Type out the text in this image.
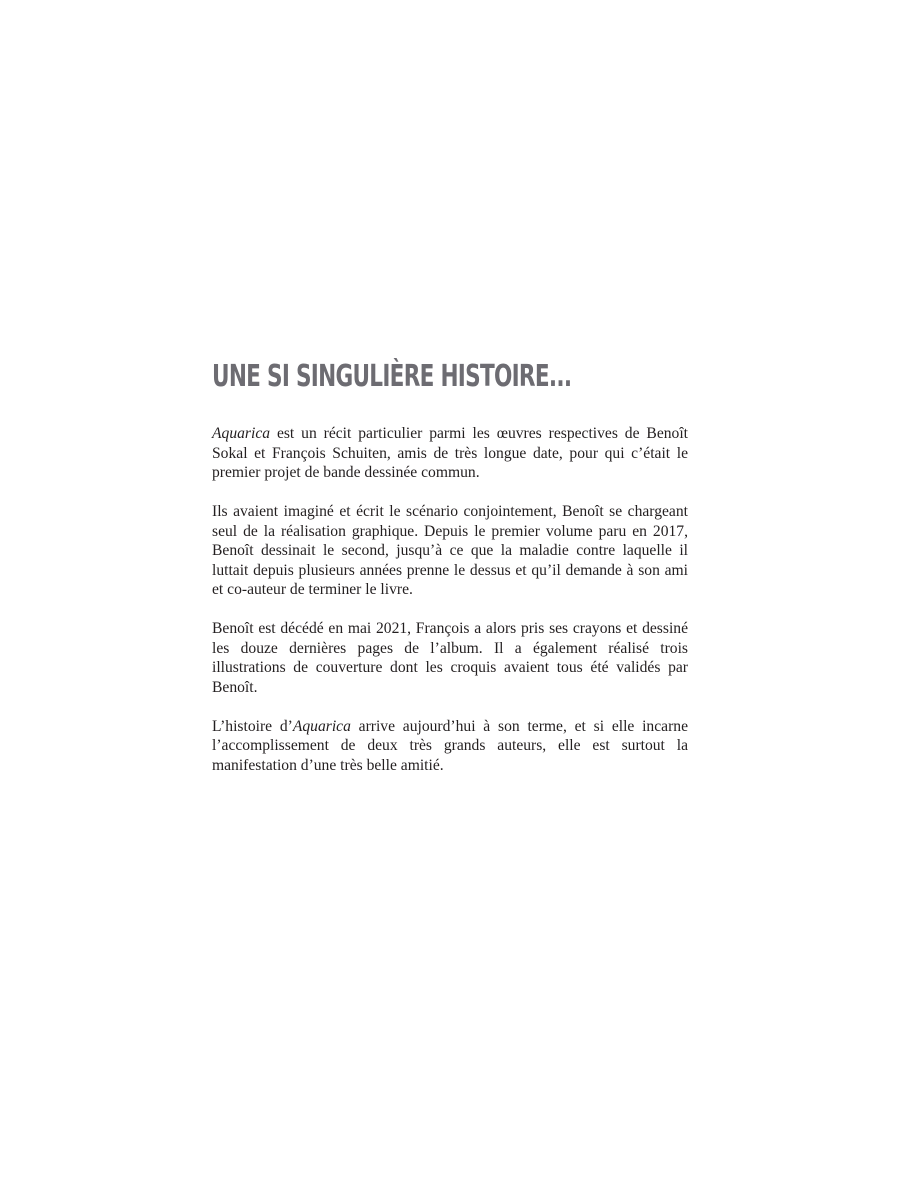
UNE SI SINGULIÈRE HISTOIRE...

Aquarica est un récit particulier parmi les œuvres respectives de Benoît Sokal et François Schuiten, amis de très longue date, pour qui c’était le premier projet de bande dessinée commun.

Ils avaient imaginé et écrit le scénario conjointement, Benoît se chargeant seul de la réalisation graphique. Depuis le premier volume paru en 2017, Benoît dessinait le second, jusqu’à ce que la maladie contre laquelle il luttait depuis plusieurs années prenne le dessus et qu’il demande à son ami et co-auteur de terminer le livre.

Benoît est décédé en mai 2021, François a alors pris ses crayons et dessiné les douze dernières pages de l’album. Il a également réalisé trois illustrations de couverture dont les croquis avaient tous été validés par Benoît.

L’histoire d’Aquarica arrive aujourd’hui à son terme, et si elle incarne l’accomplissement de deux très grands auteurs, elle est surtout la manifestation d’une très belle amitié.
